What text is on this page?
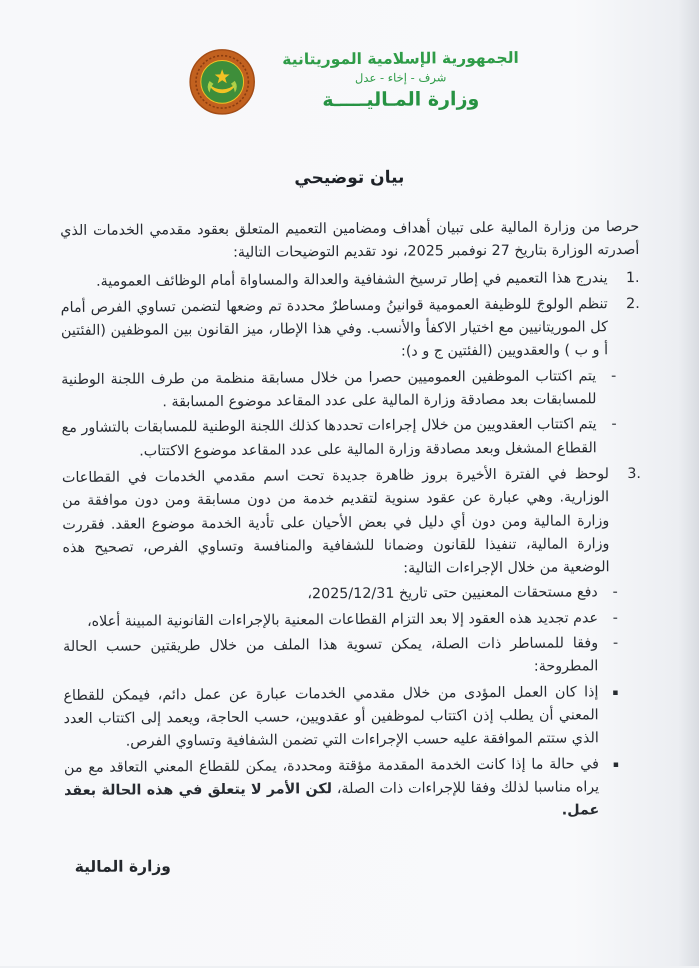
الجمهورية الإسلامية الموريتانية
شرف - إخاء - عدل
وزارة المـاليـــــة
بيان توضيحي

حرصا من وزارة المالية على تبيان أهداف ومضامين التعميم المتعلق بعقود مقدمي الخدمات الذي أصدرته الوزارة بتاريخ 27 نوفمبر 2025، نود تقديم التوضيحات التالية:

1.
يندرج هذا التعميم في إطار ترسيخ الشفافية والعدالة والمساواة أمام الوظائف العمومية.
2.
تنظم الولوجَ للوظيفة العمومية قوانينُ ومساطرٌ محددة تم وضعها لتضمن تساوي الفرص أمام كل الموريتانيين مع اختيار الاكفأ والأنسب. وفي هذا الإطار، ميز القانون بين الموظفين (الفئتين أ و ب ) والعقدويين (الفئتين ج و د):
-
يتم اكتتاب الموظفين العموميين حصرا من خلال مسابقة منظمة من طرف اللجنة الوطنية للمسابقات بعد مصادقة وزارة المالية على عدد المقاعد موضوع المسابقة .
-
يتم اكتتاب العقدويين من خلال إجراءات تحددها كذلك اللجنة الوطنية للمسابقات بالتشاور مع القطاع المشغل وبعد مصادقة وزارة المالية على عدد المقاعد موضوع الاكتتاب.
3.
لوحظ في الفترة الأخيرة بروز ظاهرة جديدة تحت اسم مقدمي الخدمات في القطاعات الوزارية. وهي عبارة عن عقود سنوية لتقديم خدمة من دون مسابقة ومن دون موافقة من وزارة المالية ومن دون أي دليل في بعض الأحيان على تأدية الخدمة موضوع العقد. فقررت وزارة المالية، تنفيذا للقانون وضمانا للشفافية والمنافسة وتساوي الفرص، تصحيح هذه الوضعية من خلال الإجراءات التالية:
-
دفع مستحقات المعنيين حتى تاريخ 2025/12/31،
-
عدم تجديد هذه العقود إلا بعد التزام القطاعات المعنية بالإجراءات القانونية المبينة أعلاه،
-
وفقا للمساطر ذات الصلة، يمكن تسوية هذا الملف من خلال طريقتين حسب الحالة المطروحة:
▪
إذا كان العمل المؤدى من خلال مقدمي الخدمات عبارة عن عمل دائم، فيمكن للقطاع المعني أن يطلب إذن اكتتاب لموظفين أو عقدويين، حسب الحاجة، ويعمد إلى اكتتاب العدد الذي ستتم الموافقة عليه حسب الإجراءات التي تضمن الشفافية وتساوي الفرص.
▪
في حالة ما إذا كانت الخدمة المقدمة مؤقتة ومحددة، يمكن للقطاع المعني التعاقد مع من يراه مناسبا لذلك وفقا للإجراءات ذات الصلة، لكن الأمر لا يتعلق في هذه الحالة بعقد عمل.
وزارة المالية
